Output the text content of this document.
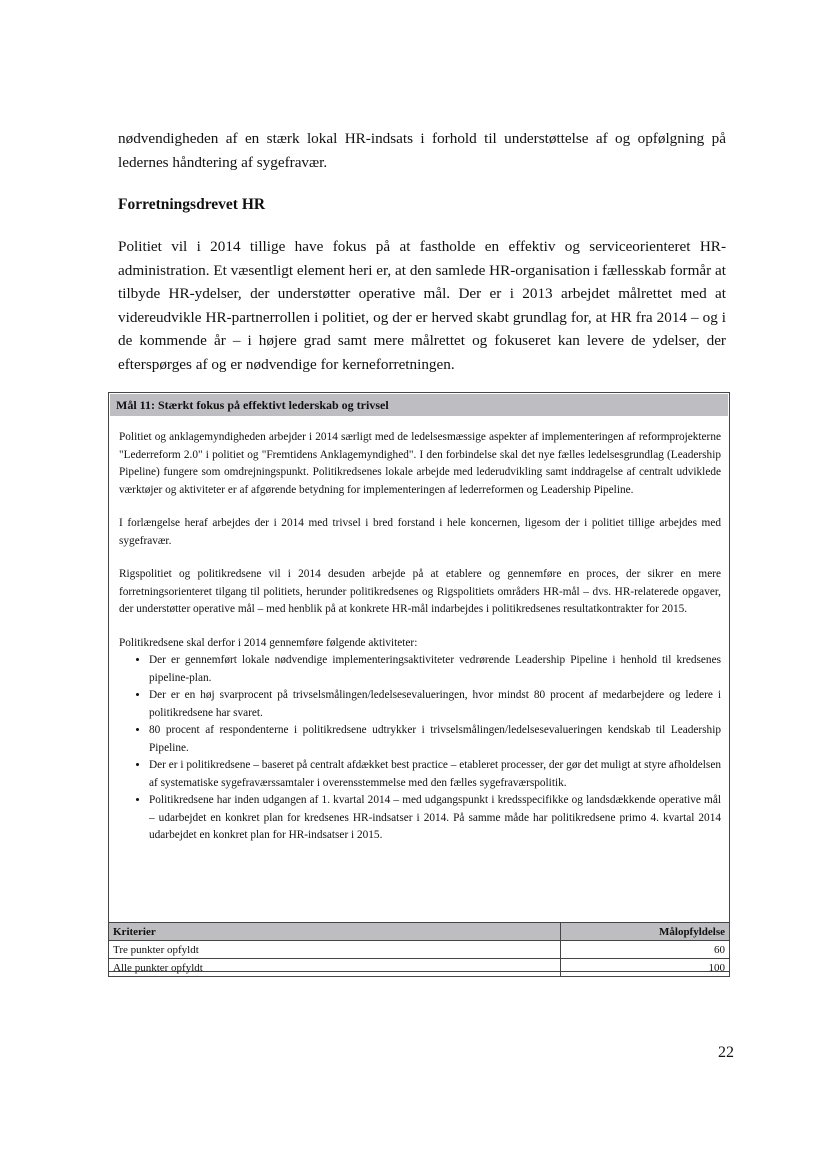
nødvendigheden af en stærk lokal HR-indsats i forhold til understøttelse af og opfølgning på ledernes håndtering af sygefravær.

Forretningsdrevet HR

Politiet vil i 2014 tillige have fokus på at fastholde en effektiv og serviceorienteret HR-administration. Et væsentligt element heri er, at den samlede HR-organisation i fællesskab formår at tilbyde HR-ydelser, der understøtter operative mål. Der er i 2013 arbejdet målrettet med at videreudvikle HR-partnerrollen i politiet, og der er herved skabt grundlag for, at HR fra 2014 – og i de kommende år – i højere grad samt mere målrettet og fokuseret kan levere de ydelser, der efterspørges af og er nødvendige for kerneforretningen.

Mål 11: Stærkt fokus på effektivt lederskab og trivsel

Politiet og anklagemyndigheden arbejder i 2014 særligt med de ledelsesmæssige aspekter af implementeringen af reformprojekterne "Lederreform 2.0" i politiet og "Fremtidens Anklagemyndighed". I den forbindelse skal det nye fælles ledelsesgrundlag (Leadership Pipeline) fungere som omdrejningspunkt. Politikredsenes lokale arbejde med lederudvikling samt inddragelse af centralt udviklede værktøjer og aktiviteter er af afgørende betydning for implementeringen af lederreformen og Leadership Pipeline.

I forlængelse heraf arbejdes der i 2014 med trivsel i bred forstand i hele koncernen, ligesom der i politiet tillige arbejdes med sygefravær.

Rigspolitiet og politikredsene vil i 2014 desuden arbejde på at etablere og gennemføre en proces, der sikrer en mere forretningsorienteret tilgang til politiets, herunder politikredsenes og Rigspolitiets områders HR-mål – dvs. HR-relaterede opgaver, der understøtter operative mål – med henblik på at konkrete HR-mål indarbejdes i politikredsenes resultatkontrakter for 2015.

Politikredsene skal derfor i 2014 gennemføre følgende aktiviteter:
• Der er gennemført lokale nødvendige implementeringsaktiviteter vedrørende Leadership Pipeline i henhold til kredsenes pipeline-plan.
• Der er en høj svarprocent på trivselsmålingen/ledelsesevalueringen, hvor mindst 80 procent af medarbejdere og ledere i politikredsene har svaret.
• 80 procent af respondenterne i politikredsene udtrykker i trivselsmålingen/ledelsesevalueringen kendskab til Leadership Pipeline.
• Der er i politikredsene – baseret på centralt afdækket best practice – etableret processer, der gør det muligt at styre afholdelsen af systematiske sygefraværssamtaler i overensstemmelse med den fælles sygefraværspolitik.
• Politikredsene har inden udgangen af 1. kvartal 2014 – med udgangspunkt i kredsspecifikke og landsdækkende operative mål – udarbejdet en konkret plan for kredsenes HR-indsatser i 2014. På samme måde har politikredsene primo 4. kvartal 2014 udarbejdet en konkret plan for HR-indsatser i 2015.
Kriterier	Målopfyldelse
Tre punkter opfyldt	60
Alle punkter opfyldt	100
22
